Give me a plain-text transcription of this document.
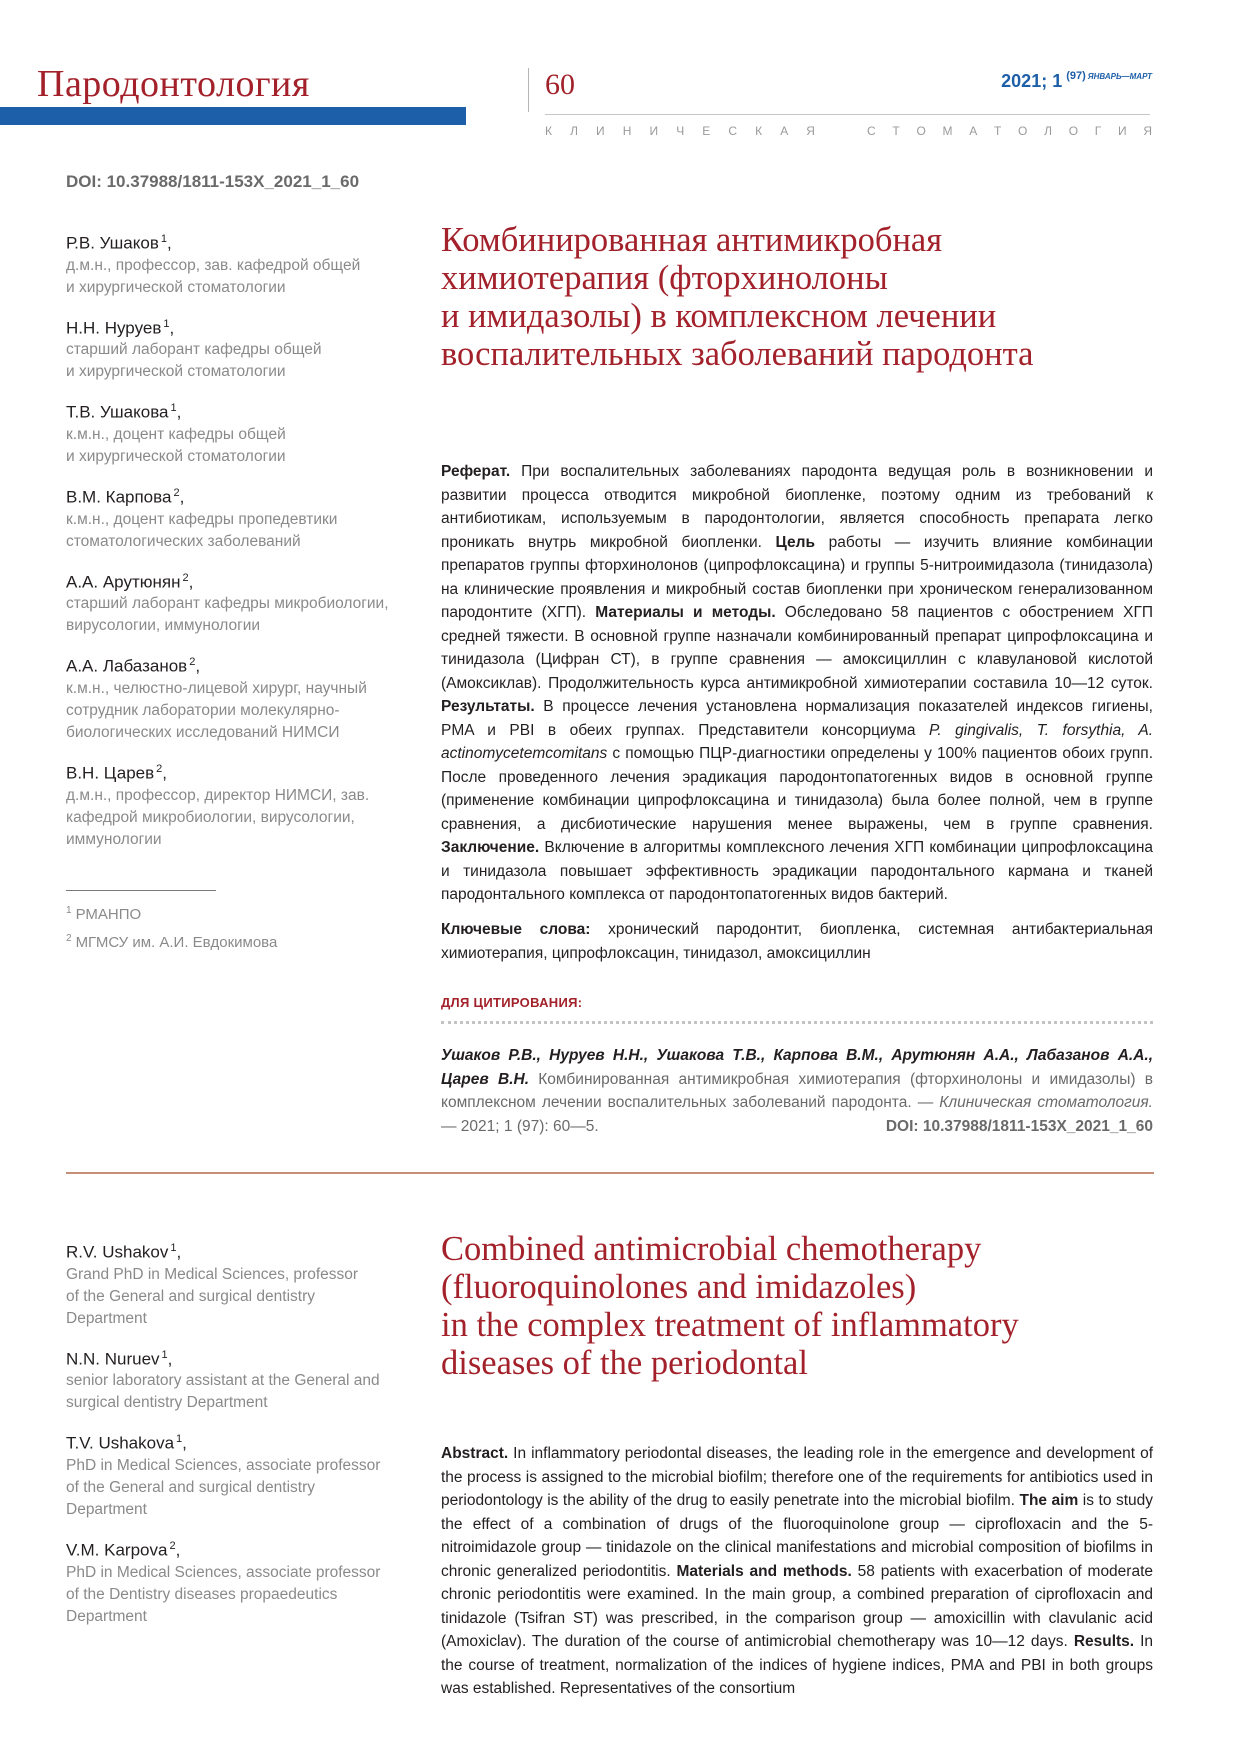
Пародонтология	60	2021; 1 $^{(97)}$ $^{ЯНВАРЬ—МАРТ}$
К Л И Н И Ч Е С К А Я	С Т О М А Т О Л О Г И Я
DOI: 10.37988/1811-153X_2021_1_60
Р.В. Ушаков $^1$,
д.м.н., профессор, зав. кафедрой общей
и хирургической стоматологии
Н.Н. Нуруев $^1$,
старший лаборант кафедры общей
и хирургической стоматологии
Т.В. Ушакова $^1$,
к.м.н., доцент кафедры общей
и хирургической стоматологии
В.М. Карпова $^2$,
к.м.н., доцент кафедры пропедевтики
стоматологических заболеваний
А.А. Арутюнян $^2$,
старший лаборант кафедры микробиологии,
вирусологии, иммунологии
А.А. Лабазанов $^2$,
к.м.н., челюстно-лицевой хирург, научный
сотрудник лаборатории молекулярно-
биологических исследований НИМСИ
В.Н. Царев $^2$,
д.м.н., профессор, директор НИМСИ, зав.
кафедрой микробиологии, вирусологии,
иммунологии
$^1$ РМАНПО
$^2$ МГМСУ им. А.И. Евдокимова
Комбинированная антимикробная
химиотерапия (фторхинолоны
и имидазолы) в комплексном лечении
воспалительных заболеваний пародонта

Реферат. При воспалительных заболеваниях пародонта ведущая роль в возникновении и развитии процесса отводится микробной биопленке, поэтому одним из требований к антибиотикам, используемым в пародонтологии, является способность препарата легко проникать внутрь микробной биопленки. Цель работы — изучить влияние комбинации препаратов группы фторхинолонов (ципрофлоксацина) и группы 5-нитроимидазола (тинидазола) на клинические проявления и микробный состав биопленки при хроническом генерализованном пародонтите (ХГП). Материалы и методы. Обследовано 58 пациентов с обострением ХГП средней тяжести. В основной группе назначали комбинированный препарат ципрофлоксацина и тинидазола (Цифран СТ), в группе сравнения — амоксициллин с клавулановой кислотой (Амоксиклав). Продолжительность курса антимикробной химиотерапии составила 10—12 суток. Результаты. В процессе лечения установлена нормализация показателей индексов гигиены, PMA и PBI в обеих группах. Представители консорциума P. gingivalis, T. forsythia, A. actinomycetemcomitans с помощью ПЦР-диагностики определены у 100% пациентов обоих групп. После проведенного лечения эрадикация пародонтопатогенных видов в основной группе (применение комбинации ципрофлоксацина и тинидазола) была более полной, чем в группе сравнения, а дисбиотические нарушения менее выражены, чем в группе сравнения. Заключение. Включение в алгоритмы комплексного лечения ХГП комбинации ципрофлоксацина и тинидазола повышает эффективность эрадикации пародонтального кармана и тканей пародонтального комплекса от пародонтопатогенных видов бактерий.

Ключевые слова: хронический пародонтит, биопленка, системная антибактериальная химиотерапия, ципрофлоксацин, тинидазол, амоксициллин

ДЛЯ ЦИТИРОВАНИЯ:

Ушаков Р.В., Нуруев Н.Н., Ушакова Т.В., Карпова В.М., Арутюнян А.А., Лабазанов А.А., Царев В.Н. Комбинированная антимикробная химиотерапия (фторхинолоны и имидазолы) в комплексном лечении воспалительных заболеваний пародонта. — Клиническая стоматология. — 2021; 1 (97): 60—5.	DOI: 10.37988/1811-153X_2021_1_60

R.V. Ushakov $^1$,
Grand PhD in Medical Sciences, professor
of the General and surgical dentistry
Department
N.N. Nuruev $^1$,
senior laboratory assistant at the General and
surgical dentistry Department
T.V. Ushakova $^1$,
PhD in Medical Sciences, associate professor
of the General and surgical dentistry
Department
V.M. Karpova $^2$,
PhD in Medical Sciences, associate professor
of the Dentistry diseases propaedeutics
Department
Combined antimicrobial chemotherapy
(fluoroquinolones and imidazoles)
in the complex treatment of inflammatory
diseases of the periodontal

Abstract. In inflammatory periodontal diseases, the leading role in the emergence and development of the process is assigned to the microbial biofilm; therefore one of the requirements for antibiotics used in periodontology is the ability of the drug to easily penetrate into the microbial biofilm. The aim is to study the effect of a combination of drugs of the fluoroquinolone group — ciprofloxacin and the 5-nitroimidazole group — tinidazole on the clinical manifestations and microbial composition of biofilms in chronic generalized periodontitis. Materials and methods. 58 patients with exacerbation of moderate chronic periodontitis were examined. In the main group, a combined preparation of ciprofloxacin and tinidazole (Tsifran ST) was prescribed, in the comparison group — amoxicillin with clavulanic acid (Amoxiclav). The duration of the course of antimicrobial chemotherapy was 10—12 days. Results. In the course of treatment, normalization of the indices of hygiene indices, PMA and PBI in both groups was established. Representatives of the consortium
